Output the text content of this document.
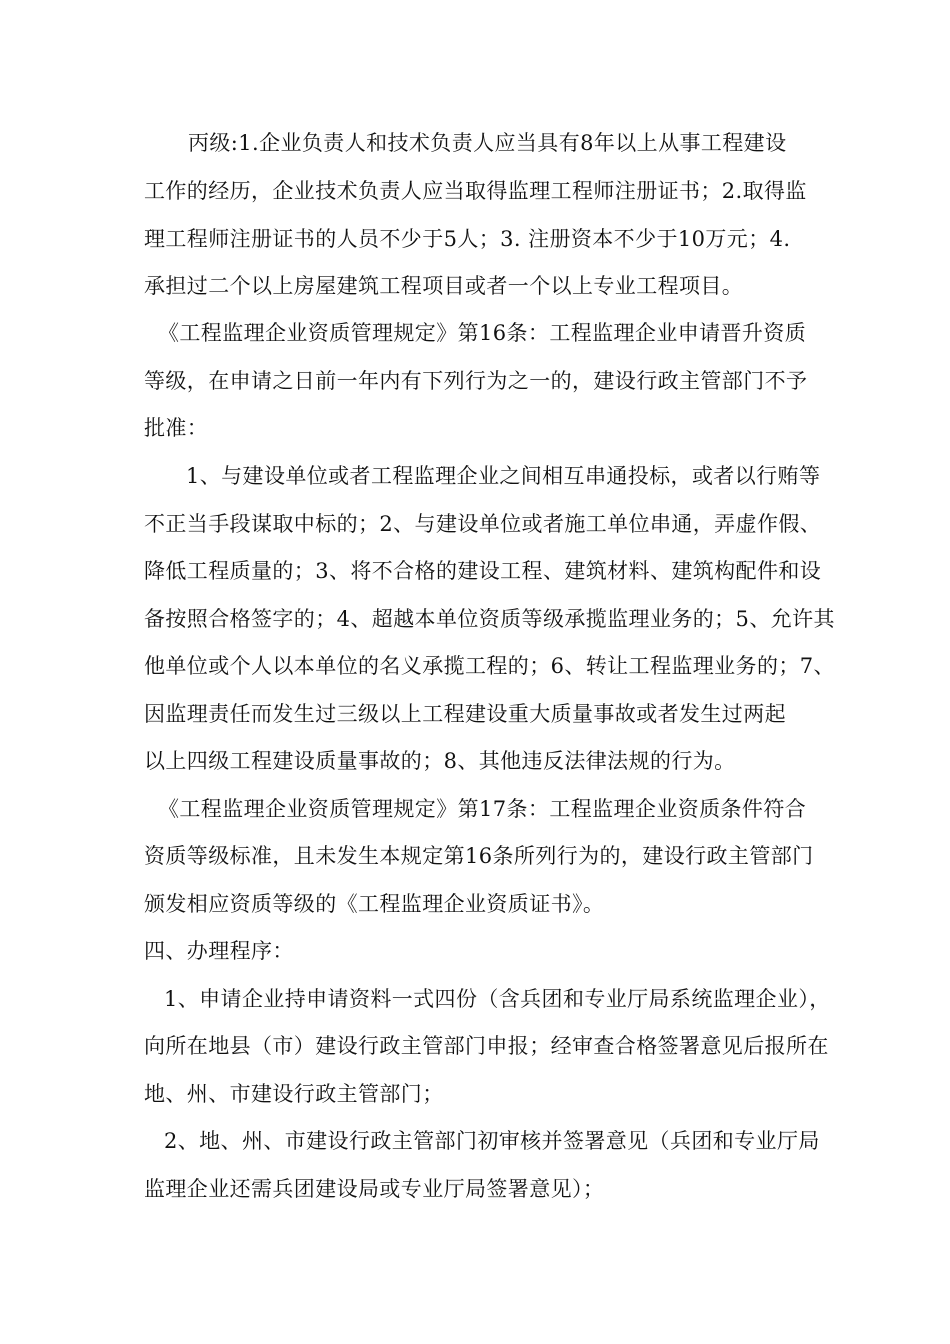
丙级:1.企业负责人和技术负责人应当具有8年以上从事工程建设
工作的经历，企业技术负责人应当取得监理工程师注册证书；2.取得监
理工程师注册证书的人员不少于5人；3. 注册资本不少于10万元；4.
承担过二个以上房屋建筑工程项目或者一个以上专业工程项目。
《工程监理企业资质管理规定》第16条：工程监理企业申请晋升资质
等级，在申请之日前一年内有下列行为之一的，建设行政主管部门不予
批准：
1、与建设单位或者工程监理企业之间相互串通投标，或者以行贿等
不正当手段谋取中标的；2、与建设单位或者施工单位串通，弄虚作假、
降低工程质量的；3、将不合格的建设工程、建筑材料、建筑构配件和设
备按照合格签字的；4、超越本单位资质等级承揽监理业务的；5、允许其
他单位或个人以本单位的名义承揽工程的；6、转让工程监理业务的；7、
因监理责任而发生过三级以上工程建设重大质量事故或者发生过两起
以上四级工程建设质量事故的；8、其他违反法律法规的行为。
《工程监理企业资质管理规定》第17条：工程监理企业资质条件符合
资质等级标准，且未发生本规定第16条所列行为的，建设行政主管部门
颁发相应资质等级的《工程监理企业资质证书》。
四、办理程序：
1、申请企业持申请资料一式四份（含兵团和专业厅局系统监理企业），
向所在地县（市）建设行政主管部门申报；经审查合格签署意见后报所在
地、州、市建设行政主管部门；
2、地、州、市建设行政主管部门初审核并签署意见（兵团和专业厅局
监理企业还需兵团建设局或专业厅局签署意见）；
